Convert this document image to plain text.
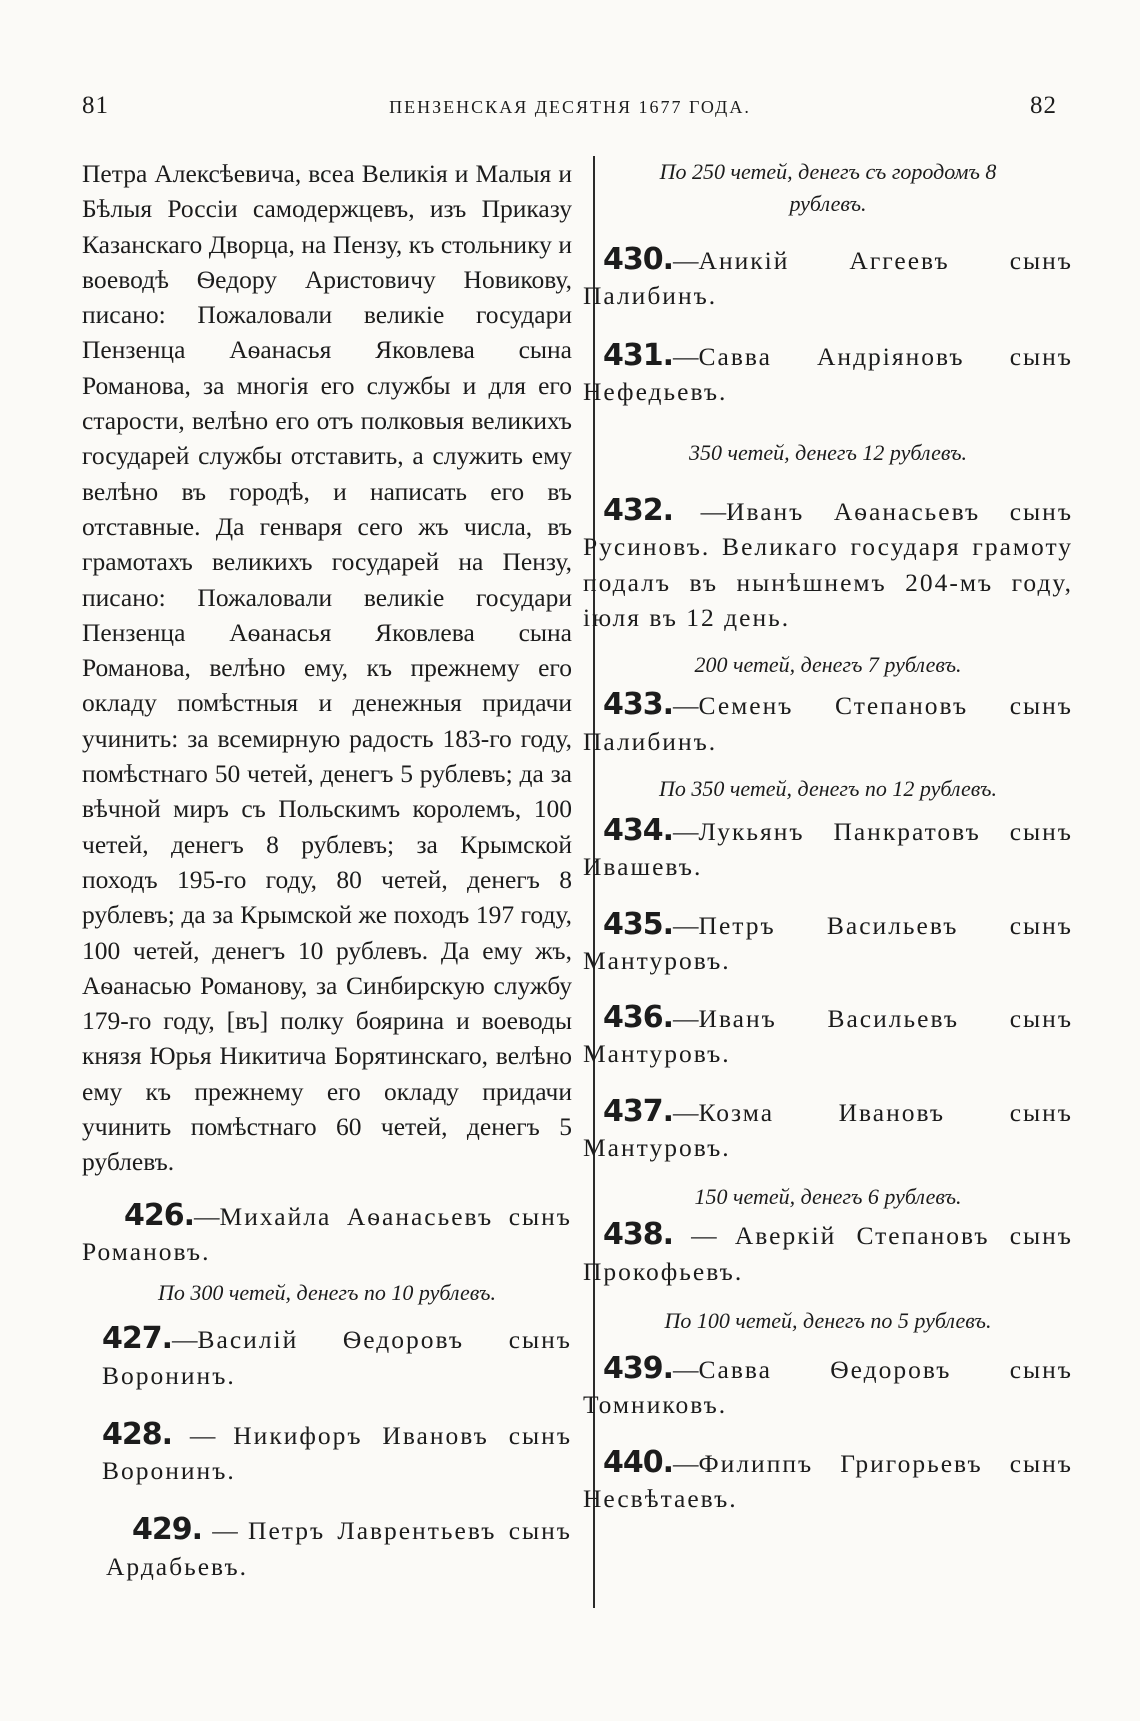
81	ПЕНЗЕНСКАЯ ДЕСЯТНЯ 1677 ГОДА.	82

Петра Алексѣевича, всеа Великія и Малыя и Бѣлыя Россіи самодержцевъ, изъ Приказу Казанскаго Дворца, на Пензу, къ стольнику и воеводѣ Ѳедору Аристовичу Новикову, писано: Пожаловали великіе государи Пензенца Аѳанасья Яковлева сына Романова, за многія его службы и для его старости, велѣно его отъ полковыя великихъ государей службы отставить, а служить ему велѣно въ городѣ, и написать его въ отставные. Да генваря сего жъ числа, въ грамотахъ великихъ государей на Пензу, писано: Пожаловали великіе государи Пензенца Аѳанасья Яковлева сына Романова, велѣно ему, къ прежнему его окладу помѣстныя и денежныя придачи учинить: за всемирную радость 183-го году, помѣстнаго 50 четей, денегъ 5 рублевъ; да за вѣчной миръ съ Польскимъ королемъ, 100 четей, денегъ 8 рублевъ; за Крымской походъ 195-го году, 80 четей, денегъ 8 рублевъ; да за Крымской же походъ 197 году, 100 четей, денегъ 10 рублевъ. Да ему жъ, Аѳанасью Романову, за Синбирскую службу 179-го году, [въ] полку боярина и воеводы князя Юрья Никитича Борятинскаго, велѣно ему къ прежнему его окладу придачи учинить помѣстнаго 60 четей, денегъ 5 рублевъ.

426.—Михайла Аѳанасьевъ сынъ Романовъ.

По 300 четей, денегъ по 10 рублевъ.

427.—Василій Ѳедоровъ сынъ Воронинъ.

428. — Никифоръ Ивановъ сынъ Воронинъ.

429. — Петръ Лаврентьевъ сынъ Ардабьевъ.

По 250 четей, денегъ съ городомъ 8 рублевъ.

430.—Аникій Аггеевъ сынъ Палибинъ.

431.—Савва Андріяновъ сынъ Нефедьевъ.

350 четей, денегъ 12 рублевъ.

432. —Иванъ Аѳанасьевъ сынъ Русиновъ. Великаго государя грамоту подалъ въ нынѣшнемъ 204-мъ году, іюля въ 12 день.

200 четей, денегъ 7 рублевъ.

433.—Семенъ Степановъ сынъ Палибинъ.

По 350 четей, денегъ по 12 рублевъ.

434.—Лукьянъ Панкратовъ сынъ Ивашевъ.

435.—Петръ Васильевъ сынъ Мантуровъ.

436.—Иванъ Васильевъ сынъ Мантуровъ.

437.—Козма Ивановъ сынъ Мантуровъ.

150 четей, денегъ 6 рублевъ.

438. — Аверкій Степановъ сынъ Прокофьевъ.

По 100 четей, денегъ по 5 рублевъ.

439.—Савва Ѳедоровъ сынъ Томниковъ.

440.—Филиппъ Григорьевъ сынъ Несвѣтаевъ.
